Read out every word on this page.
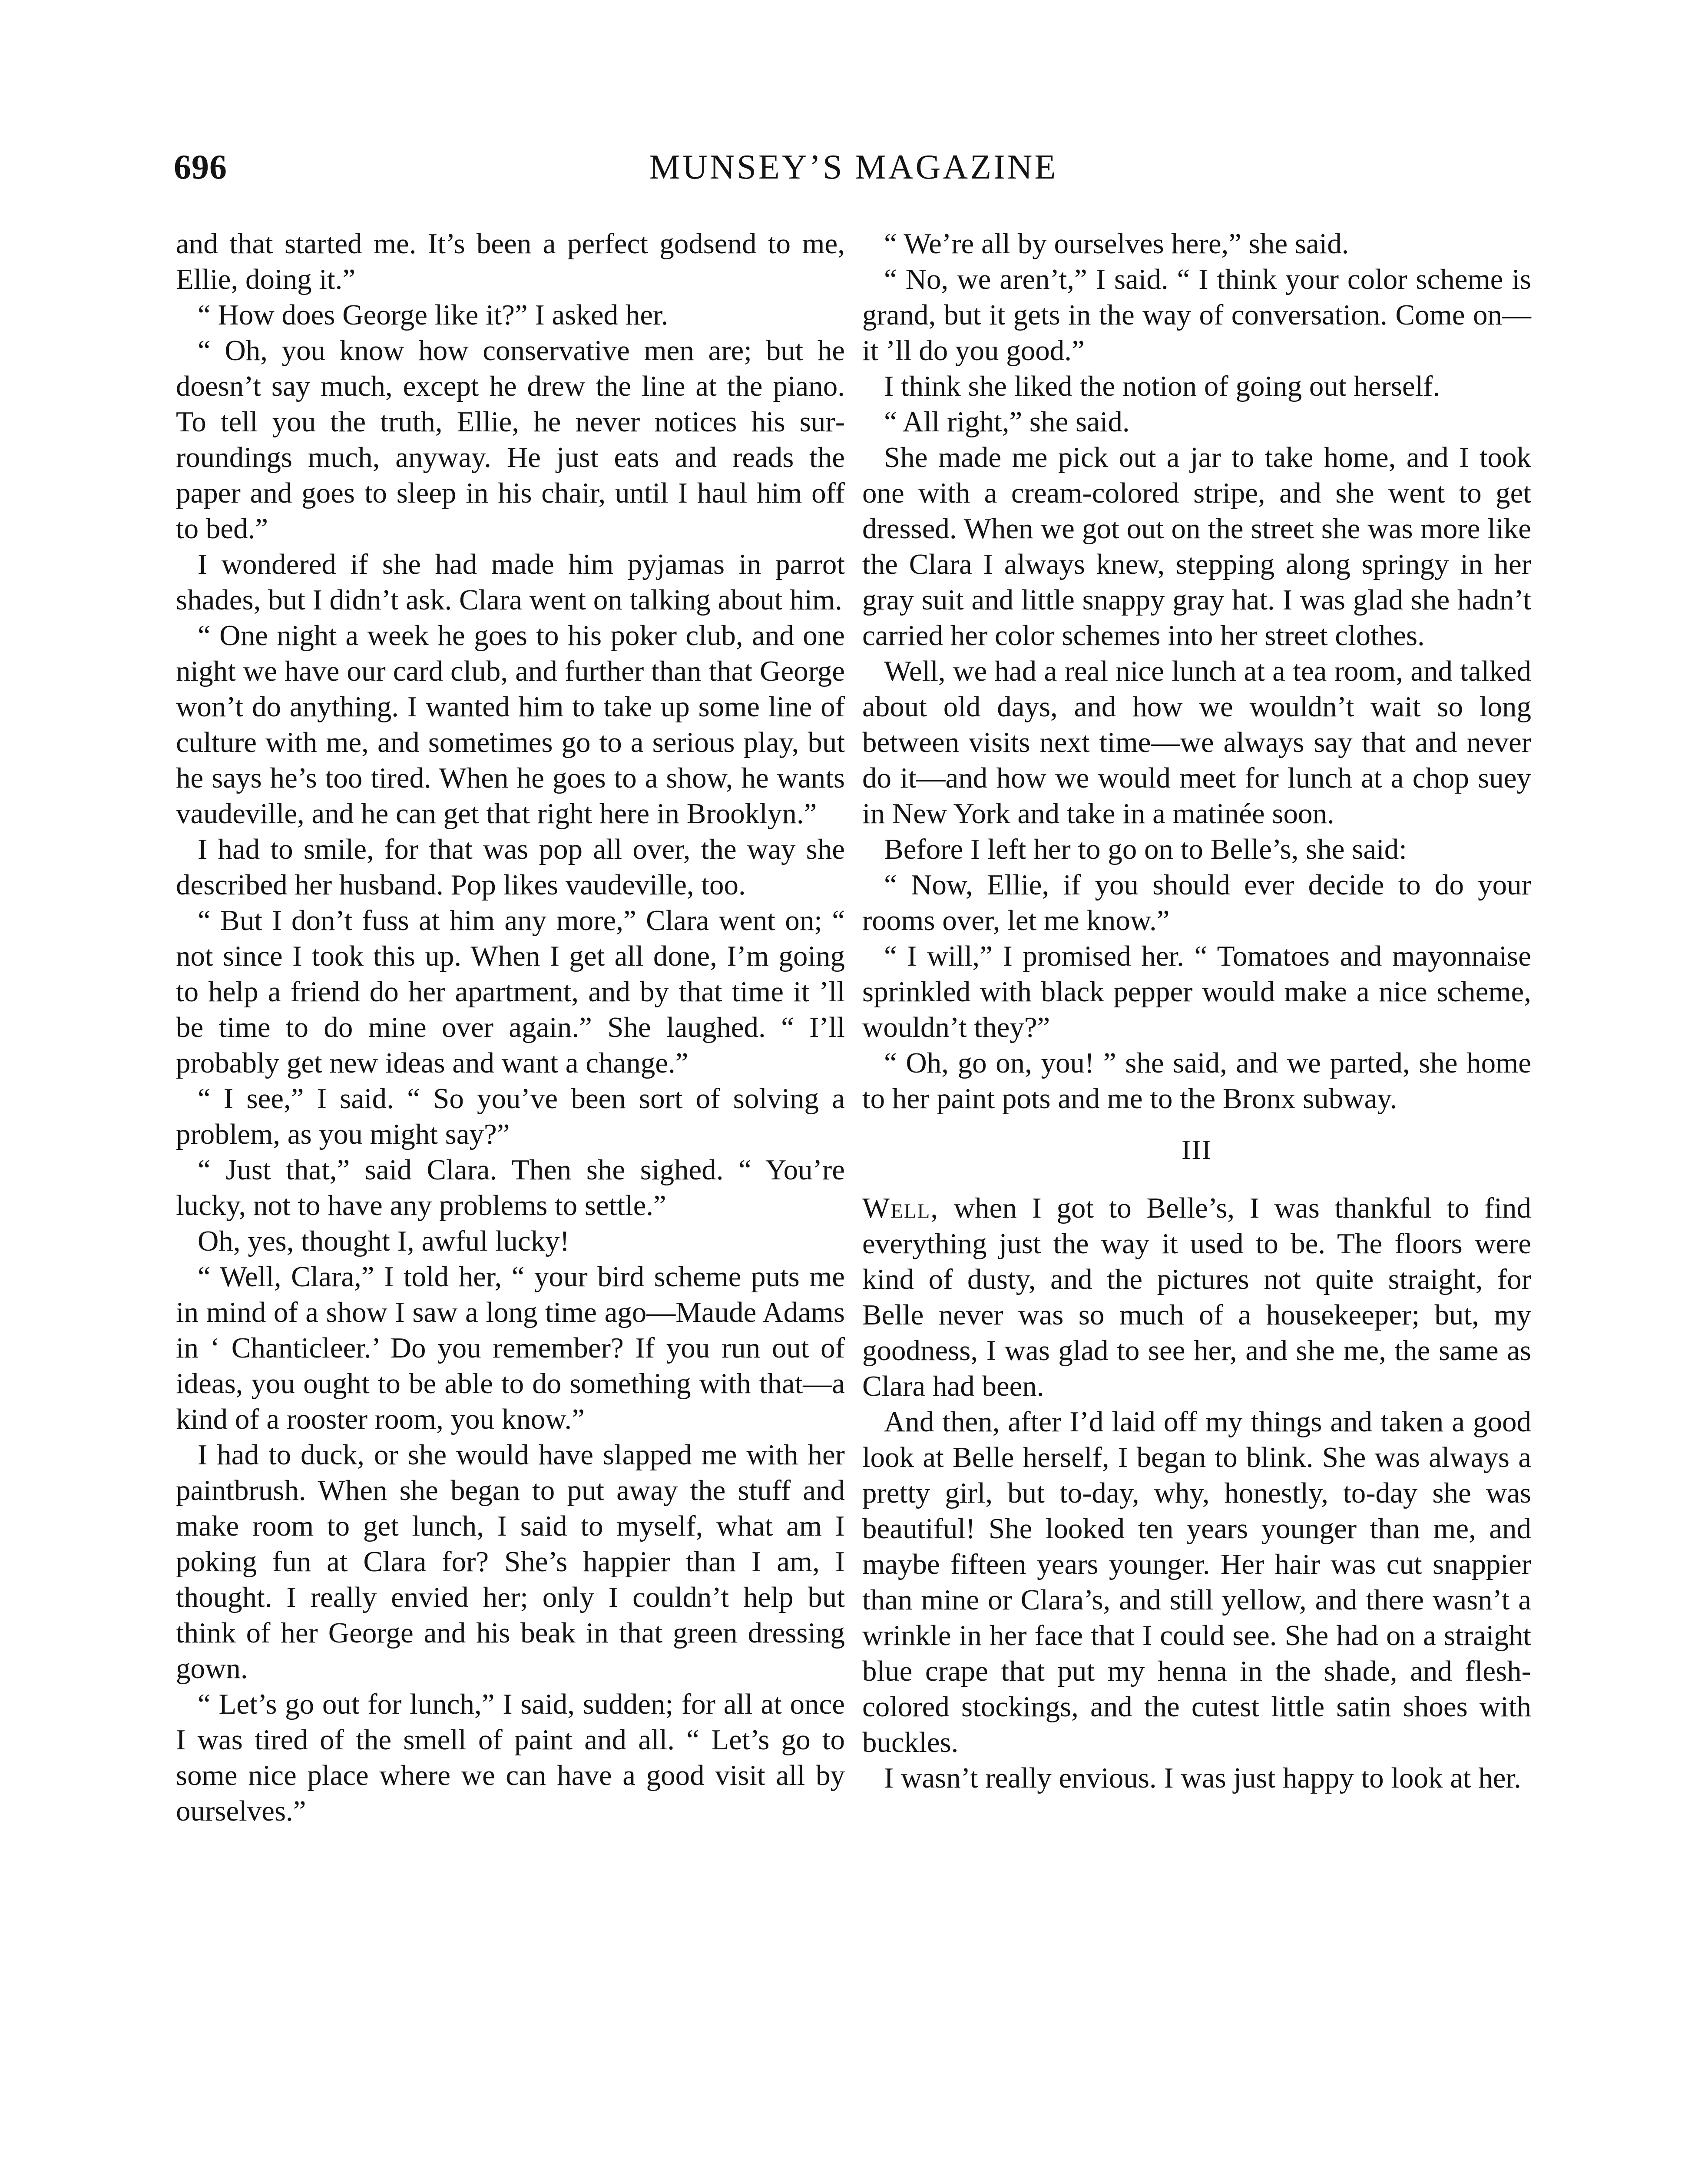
696	MUNSEY’S MAGAZINE

and that started me. It’s been a perfect godsend to me, Ellie, doing it.”

“ How does George like it?” I asked her.

“ Oh, you know how conservative men are; but he doesn’t say much, except he drew the line at the piano. To tell you the truth, Ellie, he never notices his surroundings much, anyway. He just eats and reads the paper and goes to sleep in his chair, until I haul him off to bed.”

I wondered if she had made him pyjamas in parrot shades, but I didn’t ask. Clara went on talking about him.

“ One night a week he goes to his poker club, and one night we have our card club, and further than that George won’t do anything. I wanted him to take up some line of culture with me, and sometimes go to a serious play, but he says he’s too tired. When he goes to a show, he wants vaudeville, and he can get that right here in Brooklyn.”

I had to smile, for that was pop all over, the way she described her husband. Pop likes vaudeville, too.

“ But I don’t fuss at him any more,” Clara went on; “ not since I took this up. When I get all done, I’m going to help a friend do her apartment, and by that time it ’ll be time to do mine over again.” She laughed. “ I’ll probably get new ideas and want a change.”

“ I see,” I said. “ So you’ve been sort of solving a problem, as you might say?”

“ Just that,” said Clara. Then she sighed. “ You’re lucky, not to have any problems to settle.”

Oh, yes, thought I, awful lucky!

“ Well, Clara,” I told her, “ your bird scheme puts me in mind of a show I saw a long time ago—Maude Adams in ‘ Chanticleer.’ Do you remember? If you run out of ideas, you ought to be able to do something with that—a kind of a rooster room, you know.”

I had to duck, or she would have slapped me with her paintbrush. When she began to put away the stuff and make room to get lunch, I said to myself, what am I poking fun at Clara for? She’s happier than I am, I thought. I really envied her; only I couldn’t help but think of her George and his beak in that green dressing gown.

“ Let’s go out for lunch,” I said, sudden; for all at once I was tired of the smell of paint and all. “ Let’s go to some nice place where we can have a good visit all by ourselves.”

“ We’re all by ourselves here,” she said.

“ No, we aren’t,” I said. “ I think your color scheme is grand, but it gets in the way of conversation. Come on—it ’ll do you good.”

I think she liked the notion of going out herself.

“ All right,” she said.

She made me pick out a jar to take home, and I took one with a cream-colored stripe, and she went to get dressed. When we got out on the street she was more like the Clara I always knew, stepping along springy in her gray suit and little snappy gray hat. I was glad she hadn’t carried her color schemes into her street clothes.

Well, we had a real nice lunch at a tea room, and talked about old days, and how we wouldn’t wait so long between visits next time—we always say that and never do it—and how we would meet for lunch at a chop suey in New York and take in a matinée soon.

Before I left her to go on to Belle’s, she said:

“ Now, Ellie, if you should ever decide to do your rooms over, let me know.”

“ I will,” I promised her. “ Tomatoes and mayonnaise sprinkled with black pepper would make a nice scheme, wouldn’t they?”

“ Oh, go on, you! ” she said, and we parted, she home to her paint pots and me to the Bronx subway.

III

Well, when I got to Belle’s, I was thankful to find everything just the way it used to be. The floors were kind of dusty, and the pictures not quite straight, for Belle never was so much of a housekeeper; but, my goodness, I was glad to see her, and she me, the same as Clara had been.

And then, after I’d laid off my things and taken a good look at Belle herself, I began to blink. She was always a pretty girl, but to-day, why, honestly, to-day she was beautiful! She looked ten years younger than me, and maybe fifteen years younger. Her hair was cut snappier than mine or Clara’s, and still yellow, and there wasn’t a wrinkle in her face that I could see. She had on a straight blue crape that put my henna in the shade, and flesh-colored stockings, and the cutest little satin shoes with buckles.

I wasn’t really envious. I was just happy to look at her.
